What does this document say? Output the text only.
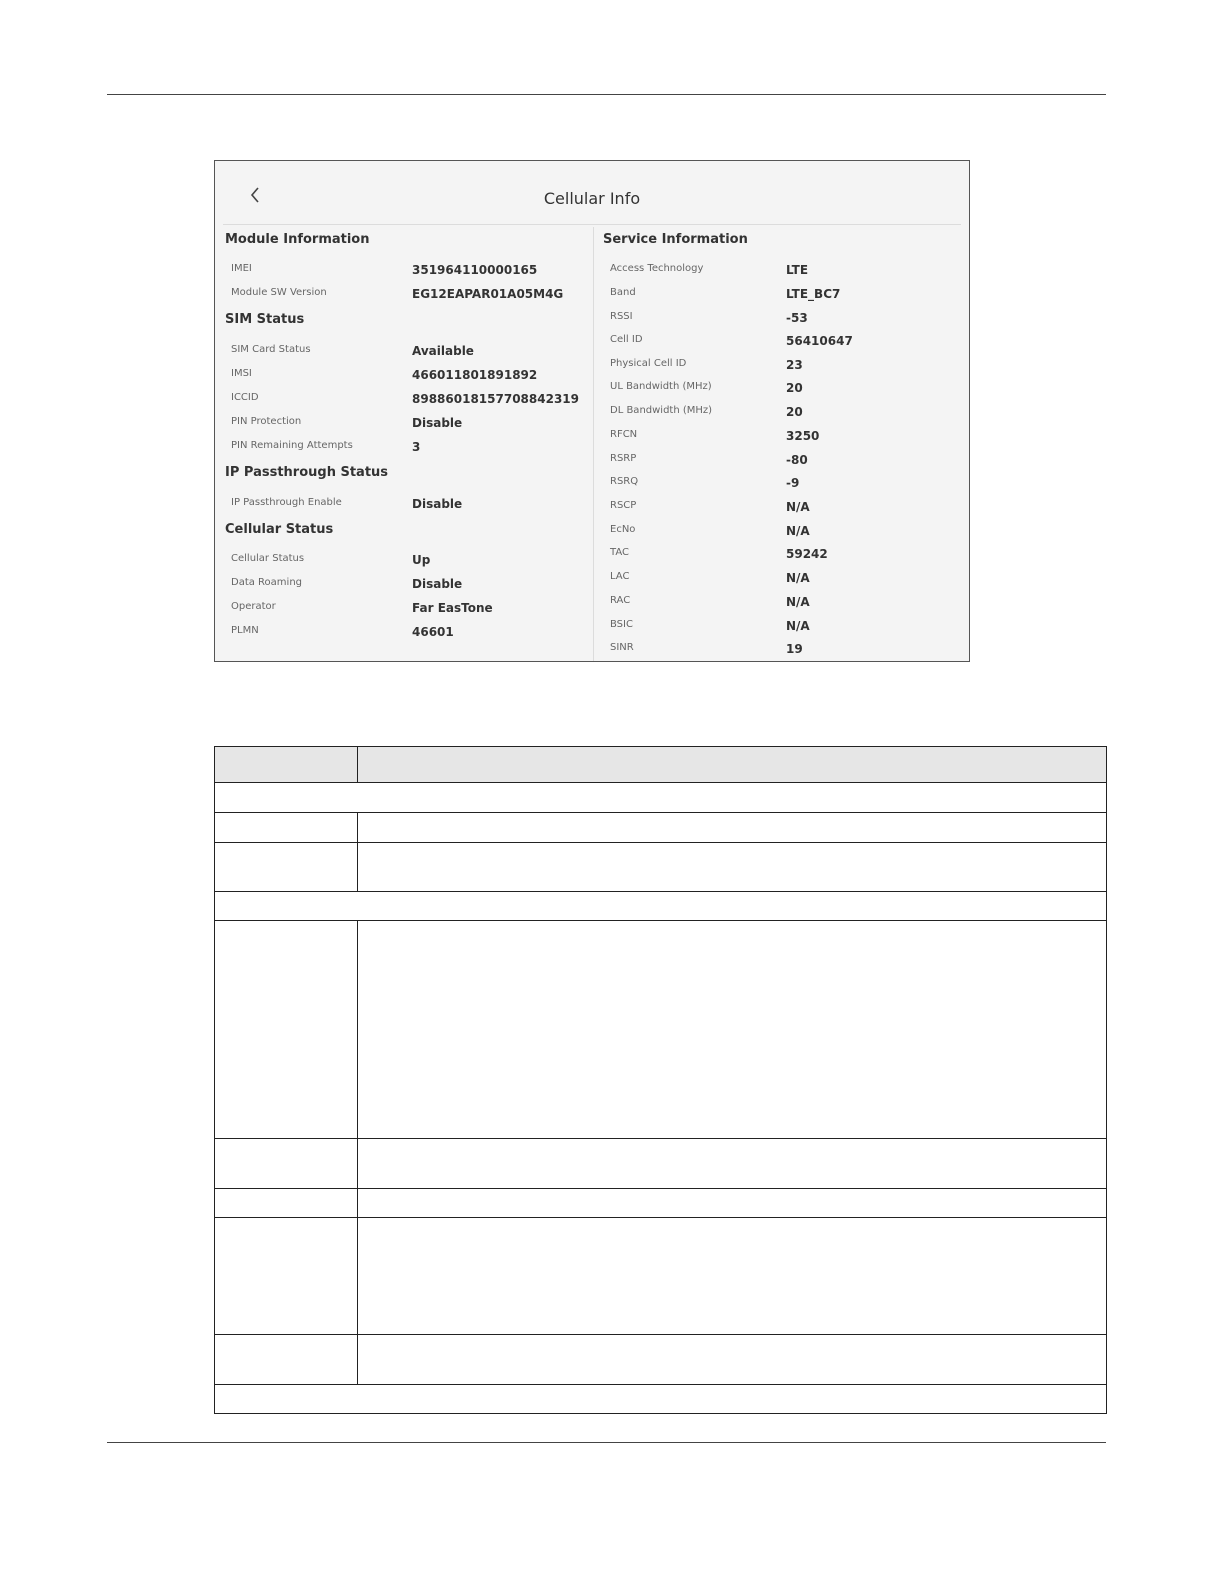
Cellular Info
Module Information
IMEI	351964110000165
Module SW Version	EG12EAPAR01A05M4G
SIM Status
SIM Card Status	Available
IMSI	466011801891892
ICCID	89886018157708842319
PIN Protection	Disable
PIN Remaining Attempts	3
IP Passthrough Status
IP Passthrough Enable	Disable
Cellular Status
Cellular Status	Up
Data Roaming	Disable
Operator	Far EasTone
PLMN	46601
Service Information
Access Technology	LTE
Band	LTE_BC7
RSSI	-53
Cell ID	56410647
Physical Cell ID	23
UL Bandwidth (MHz)	20
DL Bandwidth (MHz)	20
RFCN	3250
RSRP	-80
RSRQ	-9
RSCP	N/A
EcNo	N/A
TAC	59242
LAC	N/A
RAC	N/A
BSIC	N/A
SINR	19
